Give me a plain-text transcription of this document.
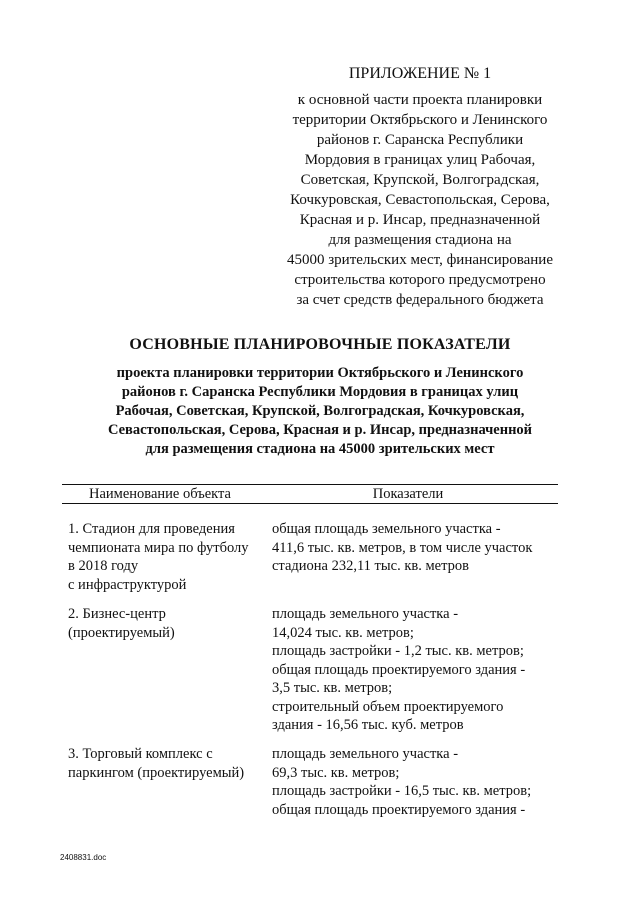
ПРИЛОЖЕНИЕ № 1
к основной части проекта планировки
территории Октябрьского и Ленинского
районов г. Саранска Республики
Мордовия в границах улиц Рабочая,
Советская, Крупской, Волгоградская,
Кочкуровская, Севастопольская, Серова,
Красная и р. Инсар, предназначенной
для размещения стадиона на
45000 зрительских мест, финансирование
строительства которого предусмотрено
за счет средств федерального бюджета
ОСНОВНЫЕ ПЛАНИРОВОЧНЫЕ ПОКАЗАТЕЛИ
проекта планировки территории Октябрьского и Ленинского
районов г. Саранска Республики Мордовия в границах улиц
Рабочая, Советская, Крупской, Волгоградская, Кочкуровская,
Севастопольская, Серова, Красная и р. Инсар, предназначенной
для размещения стадиона на 45000 зрительских мест
Наименование объекта	Показатели
1. Стадион для проведения
чемпионата мира по футболу
в 2018 году
с инфраструктурой
общая площадь земельного участка -
411,6 тыс. кв. метров, в том числе участок
стадиона 232,11 тыс. кв. метров
2. Бизнес-центр
(проектируемый)
площадь земельного участка -
14,024 тыс. кв. метров;
площадь застройки - 1,2 тыс. кв. метров;
общая площадь проектируемого здания -
3,5 тыс. кв. метров;
строительный объем проектируемого
здания - 16,56 тыс. куб. метров
3. Торговый комплекс с
паркингом (проектируемый)
площадь земельного участка -
69,3 тыс. кв. метров;
площадь застройки - 16,5 тыс. кв. метров;
общая площадь проектируемого здания -
2408831.doc
